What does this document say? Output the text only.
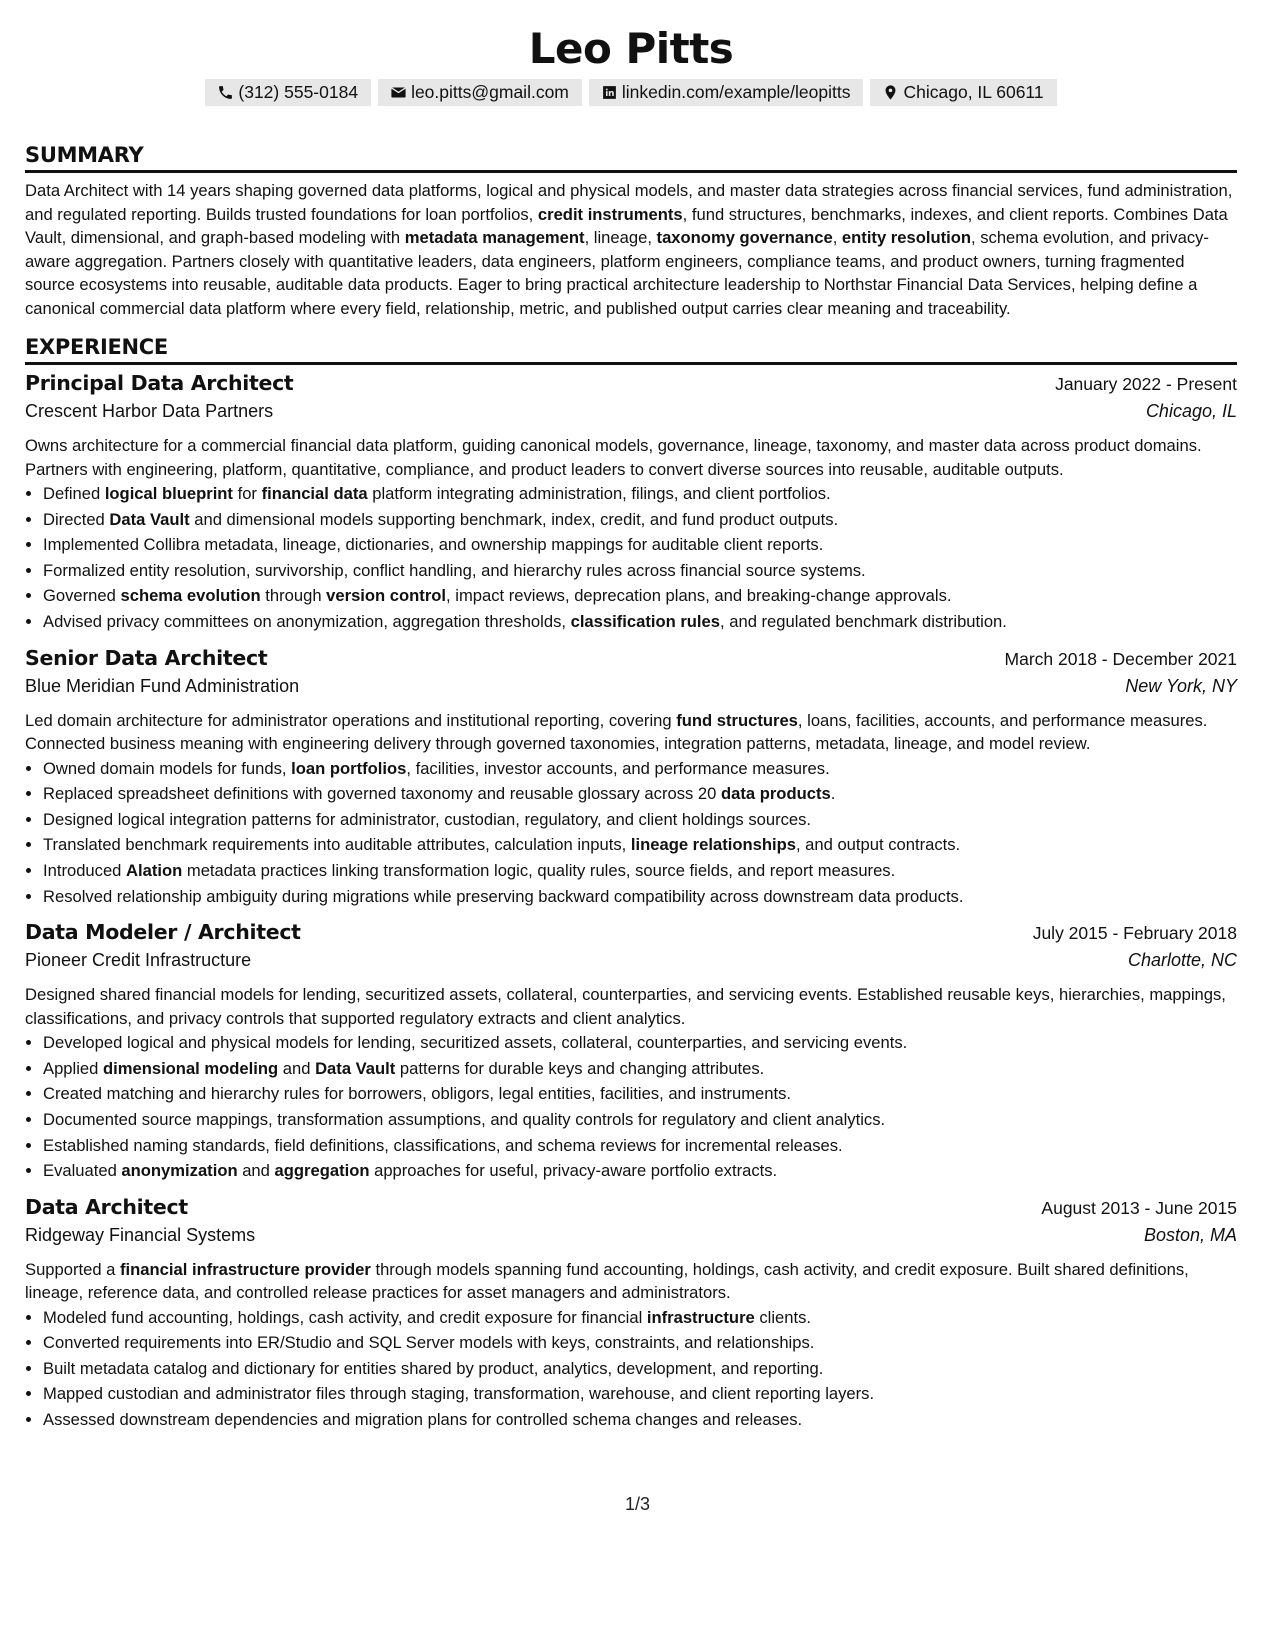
Leo Pitts
(312) 555-0184	leo.pitts@gmail.com	linkedin.com/example/leopitts	Chicago, IL 60611
SUMMARY

Data Architect with 14 years shaping governed data platforms, logical and physical models, and master data strategies across financial services, fund administration, and regulated reporting. Builds trusted foundations for loan portfolios, credit instruments, fund structures, benchmarks, indexes, and client reports. Combines Data Vault, dimensional, and graph-based modeling with metadata management, lineage, taxonomy governance, entity resolution, schema evolution, and privacy-aware aggregation. Partners closely with quantitative leaders, data engineers, platform engineers, compliance teams, and product owners, turning fragmented source ecosystems into reusable, auditable data products. Eager to bring practical architecture leadership to Northstar Financial Data Services, helping define a canonical commercial data platform where every field, relationship, metric, and published output carries clear meaning and traceability.

EXPERIENCE
Principal Data Architect	January 2022 - Present
Crescent Harbor Data Partners	Chicago, IL
Owns architecture for a commercial financial data platform, guiding canonical models, governance, lineage, taxonomy, and master data across product domains. Partners with engineering, platform, quantitative, compliance, and product leaders to convert diverse sources into reusable, auditable outputs.
• Defined logical blueprint for financial data platform integrating administration, filings, and client portfolios.
• Directed Data Vault and dimensional models supporting benchmark, index, credit, and fund product outputs.
• Implemented Collibra metadata, lineage, dictionaries, and ownership mappings for auditable client reports.
• Formalized entity resolution, survivorship, conflict handling, and hierarchy rules across financial source systems.
• Governed schema evolution through version control, impact reviews, deprecation plans, and breaking-change approvals.
• Advised privacy committees on anonymization, aggregation thresholds, classification rules, and regulated benchmark distribution.
Senior Data Architect	March 2018 - December 2021
Blue Meridian Fund Administration	New York, NY
Led domain architecture for administrator operations and institutional reporting, covering fund structures, loans, facilities, accounts, and performance measures. Connected business meaning with engineering delivery through governed taxonomies, integration patterns, metadata, lineage, and model review.
• Owned domain models for funds, loan portfolios, facilities, investor accounts, and performance measures.
• Replaced spreadsheet definitions with governed taxonomy and reusable glossary across 20 data products.
• Designed logical integration patterns for administrator, custodian, regulatory, and client holdings sources.
• Translated benchmark requirements into auditable attributes, calculation inputs, lineage relationships, and output contracts.
• Introduced Alation metadata practices linking transformation logic, quality rules, source fields, and report measures.
• Resolved relationship ambiguity during migrations while preserving backward compatibility across downstream data products.
Data Modeler / Architect	July 2015 - February 2018
Pioneer Credit Infrastructure	Charlotte, NC
Designed shared financial models for lending, securitized assets, collateral, counterparties, and servicing events. Established reusable keys, hierarchies, mappings, classifications, and privacy controls that supported regulatory extracts and client analytics.
• Developed logical and physical models for lending, securitized assets, collateral, counterparties, and servicing events.
• Applied dimensional modeling and Data Vault patterns for durable keys and changing attributes.
• Created matching and hierarchy rules for borrowers, obligors, legal entities, facilities, and instruments.
• Documented source mappings, transformation assumptions, and quality controls for regulatory and client analytics.
• Established naming standards, field definitions, classifications, and schema reviews for incremental releases.
• Evaluated anonymization and aggregation approaches for useful, privacy-aware portfolio extracts.
Data Architect	August 2013 - June 2015
Ridgeway Financial Systems	Boston, MA
Supported a financial infrastructure provider through models spanning fund accounting, holdings, cash activity, and credit exposure. Built shared definitions, lineage, reference data, and controlled release practices for asset managers and administrators.
• Modeled fund accounting, holdings, cash activity, and credit exposure for financial infrastructure clients.
• Converted requirements into ER/Studio and SQL Server models with keys, constraints, and relationships.
• Built metadata catalog and dictionary for entities shared by product, analytics, development, and reporting.
• Mapped custodian and administrator files through staging, transformation, warehouse, and client reporting layers.
• Assessed downstream dependencies and migration plans for controlled schema changes and releases.
1/3
